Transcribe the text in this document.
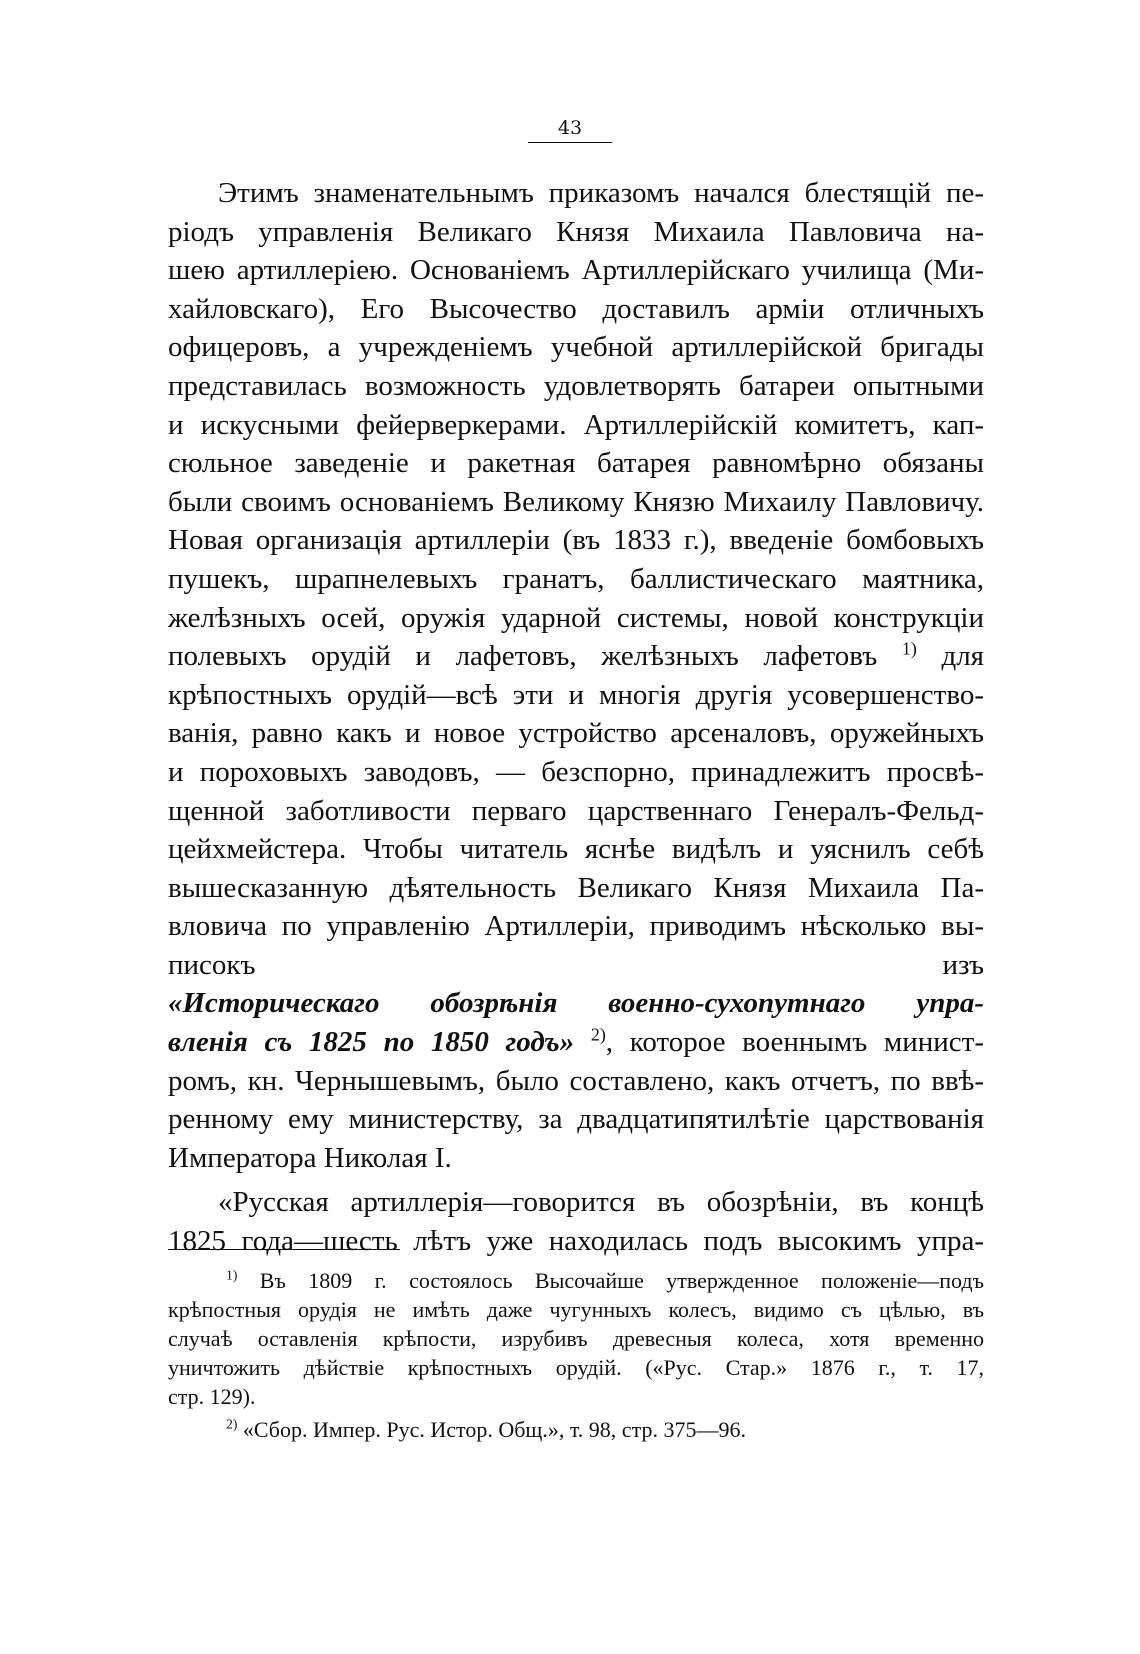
43
Этимъ знаменательнымъ приказомъ начался блестящій пе-
ріодъ управленія Великаго Князя Михаила Павловича на-
шею артиллеріею. Основаніемъ Артиллерійскаго училища (Ми-
хайловскаго), Его Высочество доставилъ арміи отличныхъ
офицеровъ, а учрежденіемъ учебной артиллерійской бригады
представилась возможность удовлетворять батареи опытными
и искусными фейерверкерами. Артиллерійскій комитетъ, кап-
сюльное заведеніе и ракетная батарея равномѣрно обязаны
были своимъ основаніемъ Великому Князю Михаилу Павловичу.
Новая организація артиллеріи (въ 1833 г.), введеніе бомбовыхъ
пушекъ, шрапнелевыхъ гранатъ, баллистическаго маятника,
желѣзныхъ осей, оружія ударной системы, новой конструкціи
полевыхъ орудій и лафетовъ, желѣзныхъ лафетовъ $^{1)}$ для
крѣпостныхъ орудій—всѣ эти и многія другія усовершенство-
ванія, равно какъ и новое устройство арсеналовъ, оружейныхъ
и пороховыхъ заводовъ, — безспорно, принадлежитъ просвѣ-
щенной заботливости перваго царственнаго Генералъ-Фельд-
цейхмейстера. Чтобы читатель яснѣе видѣлъ и уяснилъ себѣ
вышесказанную дѣятельность Великаго Князя Михаила Па-
вловича по управленію Артиллеріи, приводимъ нѣсколько вы-
писокъ изъ «Историческаго обозрѣнія военно-сухопутнаго упра-
вленія съ 1825 по 1850 годъ» $^{2)}$, которое военнымъ минист-
ромъ, кн. Чернышевымъ, было составлено, какъ отчетъ, по ввѣ-
ренному ему министерству, за двадцатипятилѣтіе царствованія
Императора Николая I.
«Русская артиллерія—говорится въ обозрѣніи, въ концѣ
1825 года—шесть лѣтъ уже находилась подъ высокимъ упра-
$^{1)}$ Въ 1809 г. состоялось Высочайше утвержденное положеніе—подъ
крѣпостныя орудія не имѣть даже чугунныхъ колесъ, видимо съ цѣлью, въ
случаѣ оставленія крѣпости, изрубивъ древесныя колеса, хотя временно
уничтожить дѣйствіе крѣпостныхъ орудій. («Рус. Стар.» 1876 г., т. 17,
стр. 129).
$^{2)}$ «Сбор. Импер. Рус. Истор. Общ.», т. 98, стр. 375—96.
